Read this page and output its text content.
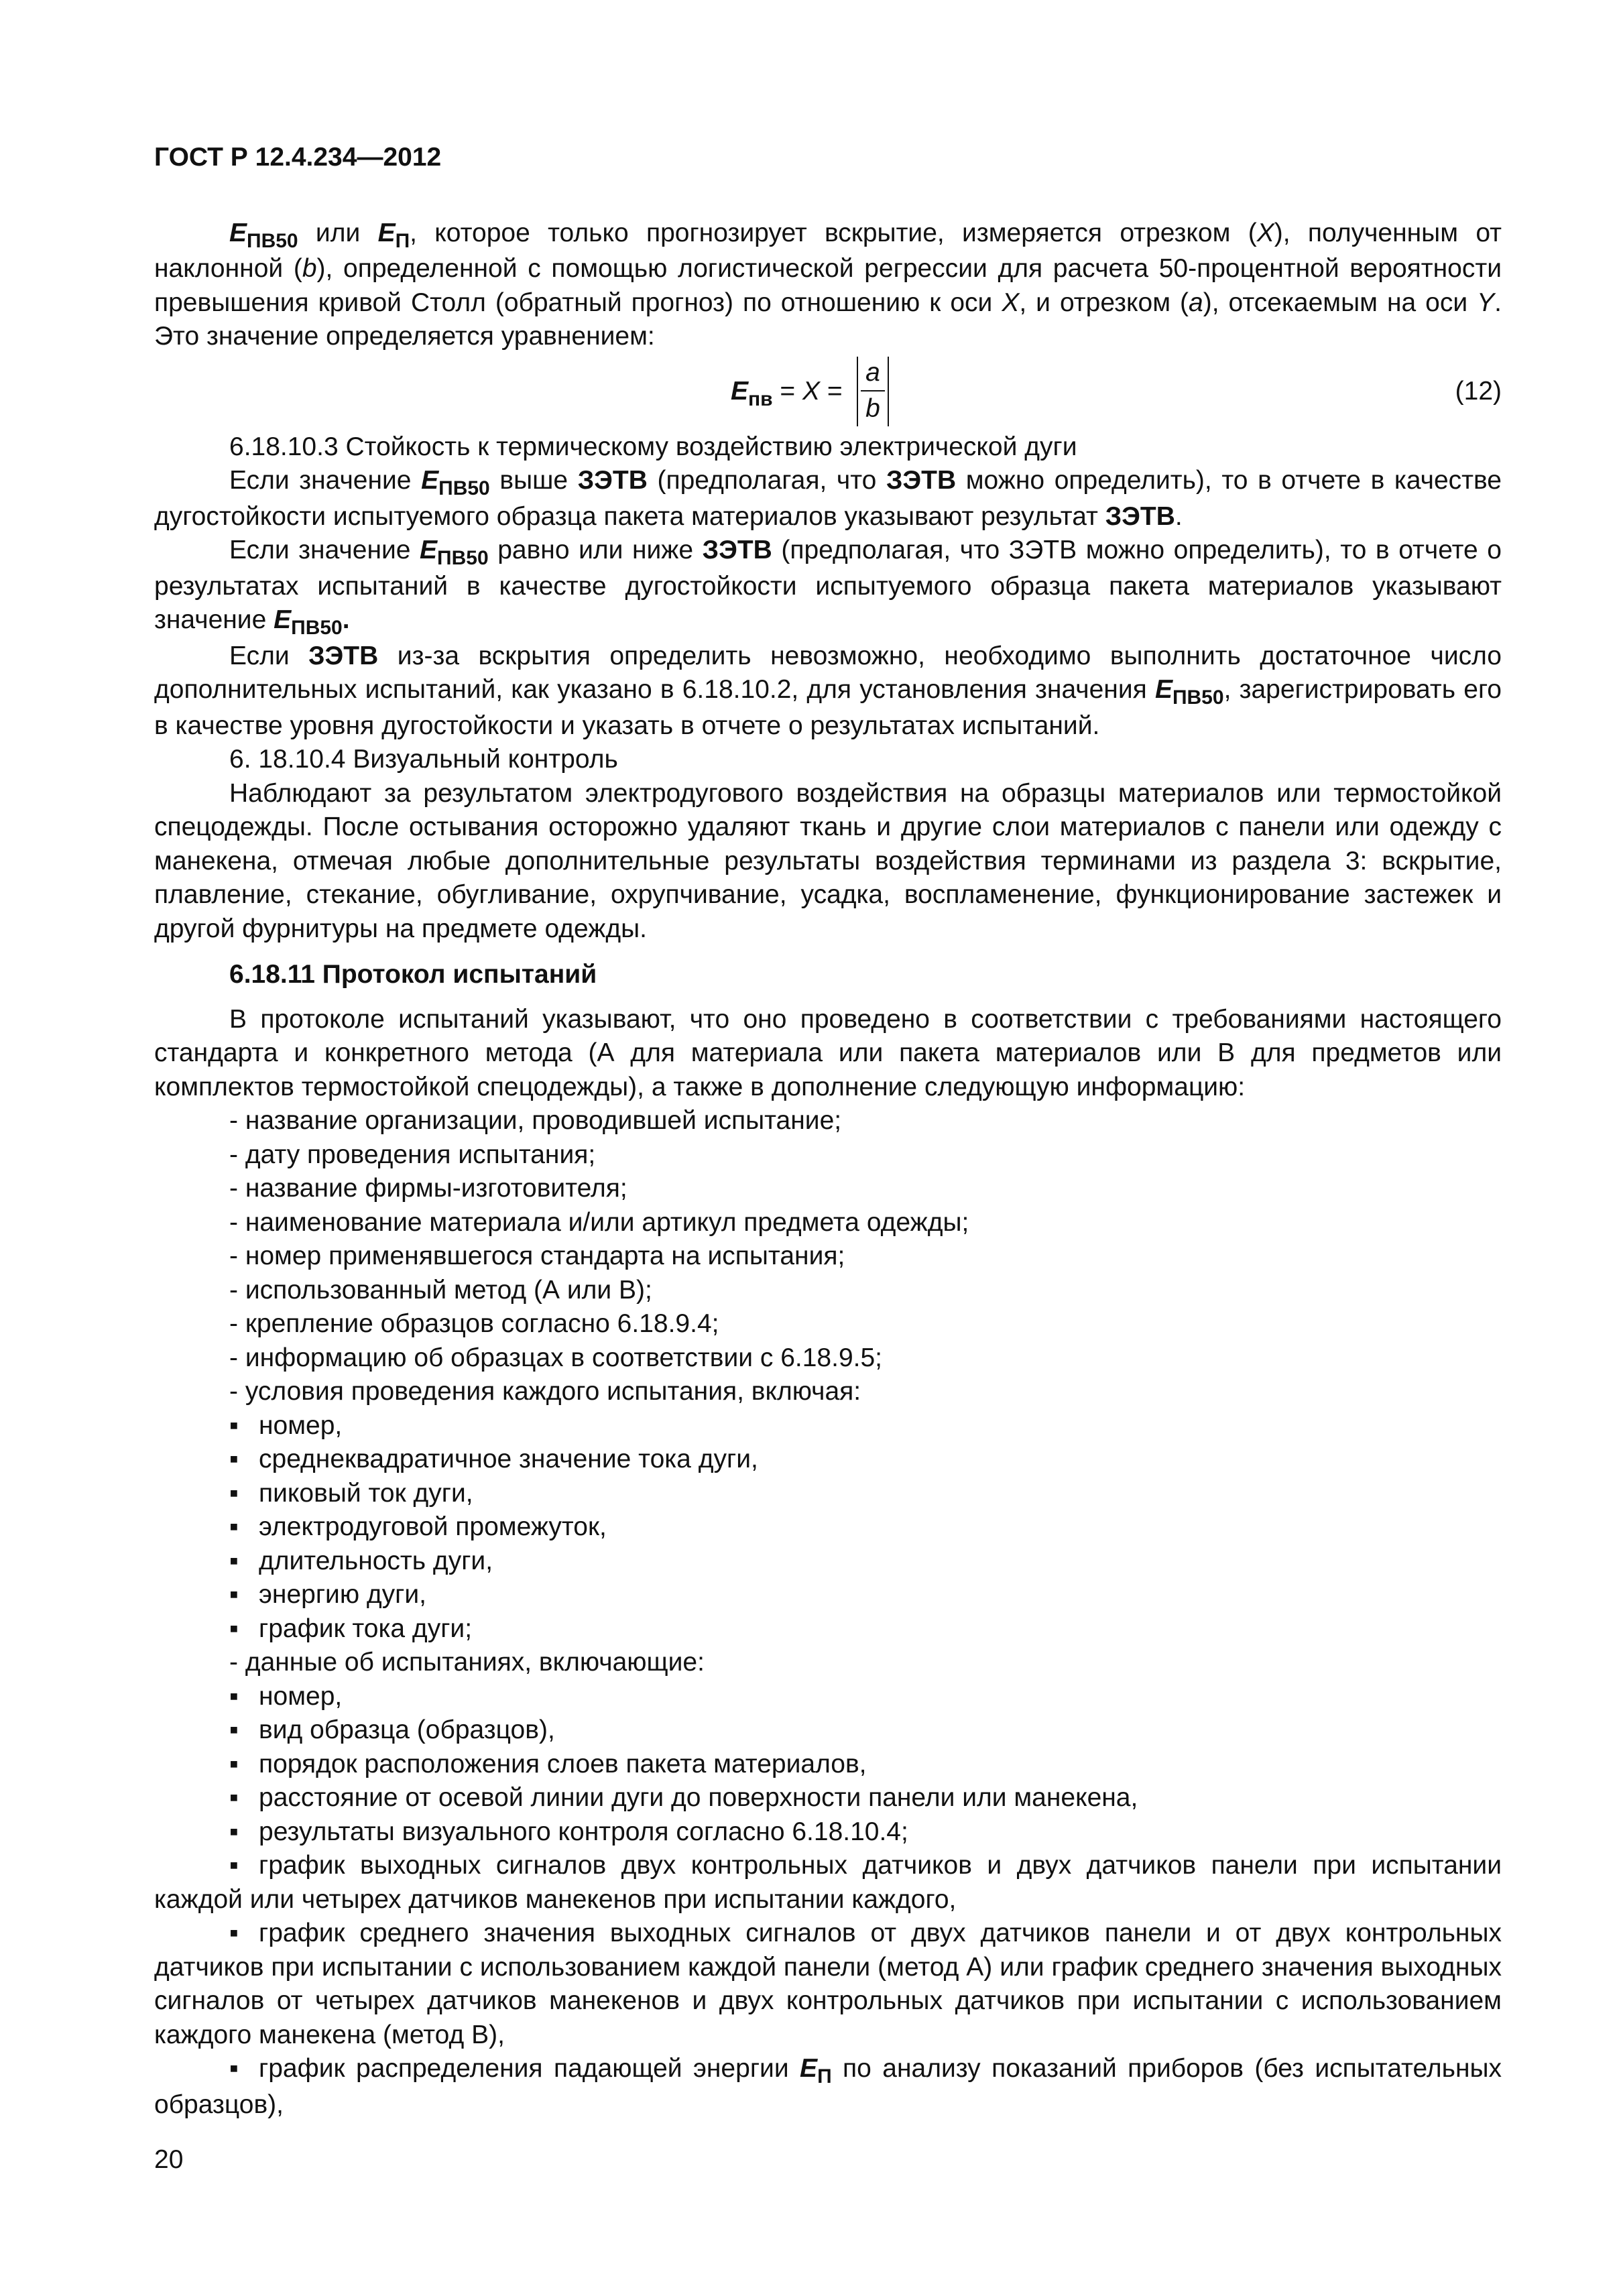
ГОСТ Р 12.4.234—2012

$E_{ПВ50}$ или $E_П$, которое только прогнозирует вскрытие, измеряется отрезком (X), полученным от наклонной (b), определенной с помощью логистической регрессии для расчета 50-процентной вероятности превышения кривой Столл (обратный прогноз) по отношению к оси X, и отрезком (a), отсекаемым на оси Y. Это значение определяется уравнением:

$E_{пв} = X$ =
a
b
(12)

6.18.10.3 Стойкость к термическому воздействию электрической дуги

Если значение $E_{ПВ50}$ выше ЗЭТВ (предполагая, что ЗЭТВ можно определить), то в отчете в качестве дугостойкости испытуемого образца пакета материалов указывают результат ЗЭТВ.

Если значение $E_{ПВ50}$ равно или ниже ЗЭТВ (предполагая, что ЗЭТВ можно определить), то в отчете о результатах испытаний в качестве дугостойкости испытуемого образца пакета материалов указывают значение $E_{ПВ50}$.

Если ЗЭТВ из-за вскрытия определить невозможно, необходимо выполнить достаточное число дополнительных испытаний, как указано в 6.18.10.2, для установления значения $E_{ПВ50}$, зарегистрировать его в качестве уровня дугостойкости и указать в отчете о результатах испытаний.

6. 18.10.4 Визуальный контроль

Наблюдают за результатом электродугового воздействия на образцы материалов или термостойкой спецодежды. После остывания осторожно удаляют ткань и другие слои материалов с панели или одежду с манекена, отмечая любые дополнительные результаты воздействия терминами из раздела 3: вскрытие, плавление, стекание, обугливание, охрупчивание, усадка, воспламенение, функционирование застежек и другой фурнитуры на предмете одежды.

6.18.11 Протокол испытаний

В протоколе испытаний указывают, что оно проведено в соответствии с требованиями настоящего стандарта и конкретного метода (А для материала или пакета материалов или В для предметов или комплектов термостойкой спецодежды), а также в дополнение следующую информацию:

- название организации, проводившей испытание;

- дату проведения испытания;

- название фирмы-изготовителя;

- наименование материала и/или артикул предмета одежды;

- номер применявшегося стандарта на испытания;

- использованный метод (А или В);

- крепление образцов согласно 6.18.9.4;

- информацию об образцах в соответствии с 6.18.9.5;

- условия проведения каждого испытания, включая:

▪ номер,

▪ среднеквадратичное значение тока дуги,

▪ пиковый ток дуги,

▪ электродуговой промежуток,

▪ длительность дуги,

▪ энергию дуги,

▪ график тока дуги;

- данные об испытаниях, включающие:

▪ номер,

▪ вид образца (образцов),

▪ порядок расположения слоев пакета материалов,

▪ расстояние от осевой линии дуги до поверхности панели или манекена,

▪ результаты визуального контроля согласно 6.18.10.4;

▪ график выходных сигналов двух контрольных датчиков и двух датчиков панели при испытании каждой или четырех датчиков манекенов при испытании каждого,

▪ график среднего значения выходных сигналов от двух датчиков панели и от двух контрольных датчиков при испытании с использованием каждой панели (метод А) или график среднего значения выходных сигналов от четырех датчиков манекенов и двух контрольных датчиков при испытании с использованием каждого манекена (метод В),

▪ график распределения падающей энергии $E_П$ по анализу показаний приборов (без испытательных образцов),

20
